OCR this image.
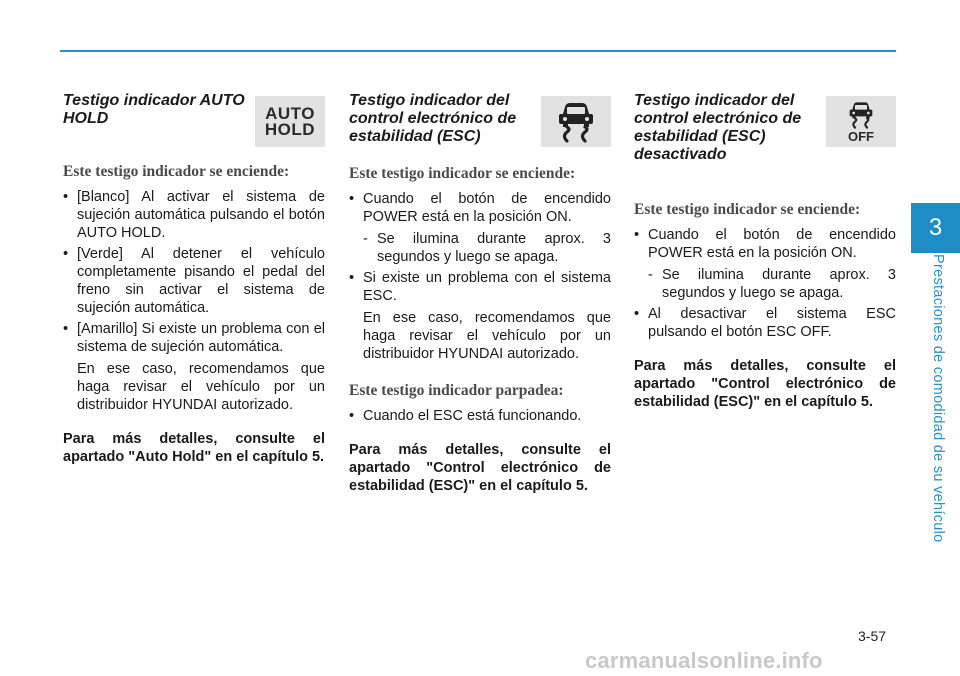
Testigo indicador AUTO HOLD	AUTO
HOLD
Este testigo indicador se enciende:
• [Blanco] Al activar el sistema de sujeción automática pulsando el botón AUTO HOLD.
• [Verde] Al detener el vehículo completamente pisando el pedal del freno sin activar el sistema de sujeción automática.
• [Amarillo] Si existe un problema con el sistema de sujeción automática.
En ese caso, recomendamos que haga revisar el vehículo por un distribuidor HYUNDAI autorizado.
Para más detalles, consulte el apartado "Auto Hold" en el capítulo 5.

Testigo indicador del control electrónico de estabilidad (ESC)

Este testigo indicador se enciende:
• Cuando el botón de encendido POWER está en la posición ON.
- Se ilumina durante aprox. 3 segundos y luego se apaga.
• Si existe un problema con el sistema ESC.
En ese caso, recomendamos que haga revisar el vehículo por un distribuidor HYUNDAI autorizado.
Este testigo indicador parpadea:
• Cuando el ESC está funcionando.
Para más detalles, consulte el apartado "Control electrónico de estabilidad (ESC)" en el capítulo 5.

Testigo indicador del control electrónico de estabilidad (ESC) desactivado

OFF
Este testigo indicador se enciende:
• Cuando el botón de encendido POWER está en la posición ON.
- Se ilumina durante aprox. 3 segundos y luego se apaga.
• Al desactivar el sistema ESC pulsando el botón ESC OFF.
Para más detalles, consulte el apartado "Control electrónico de estabilidad (ESC)" en el capítulo 5.
3
Prestaciones de comodidad de su vehículo
3-57
carmanualsonline.info
